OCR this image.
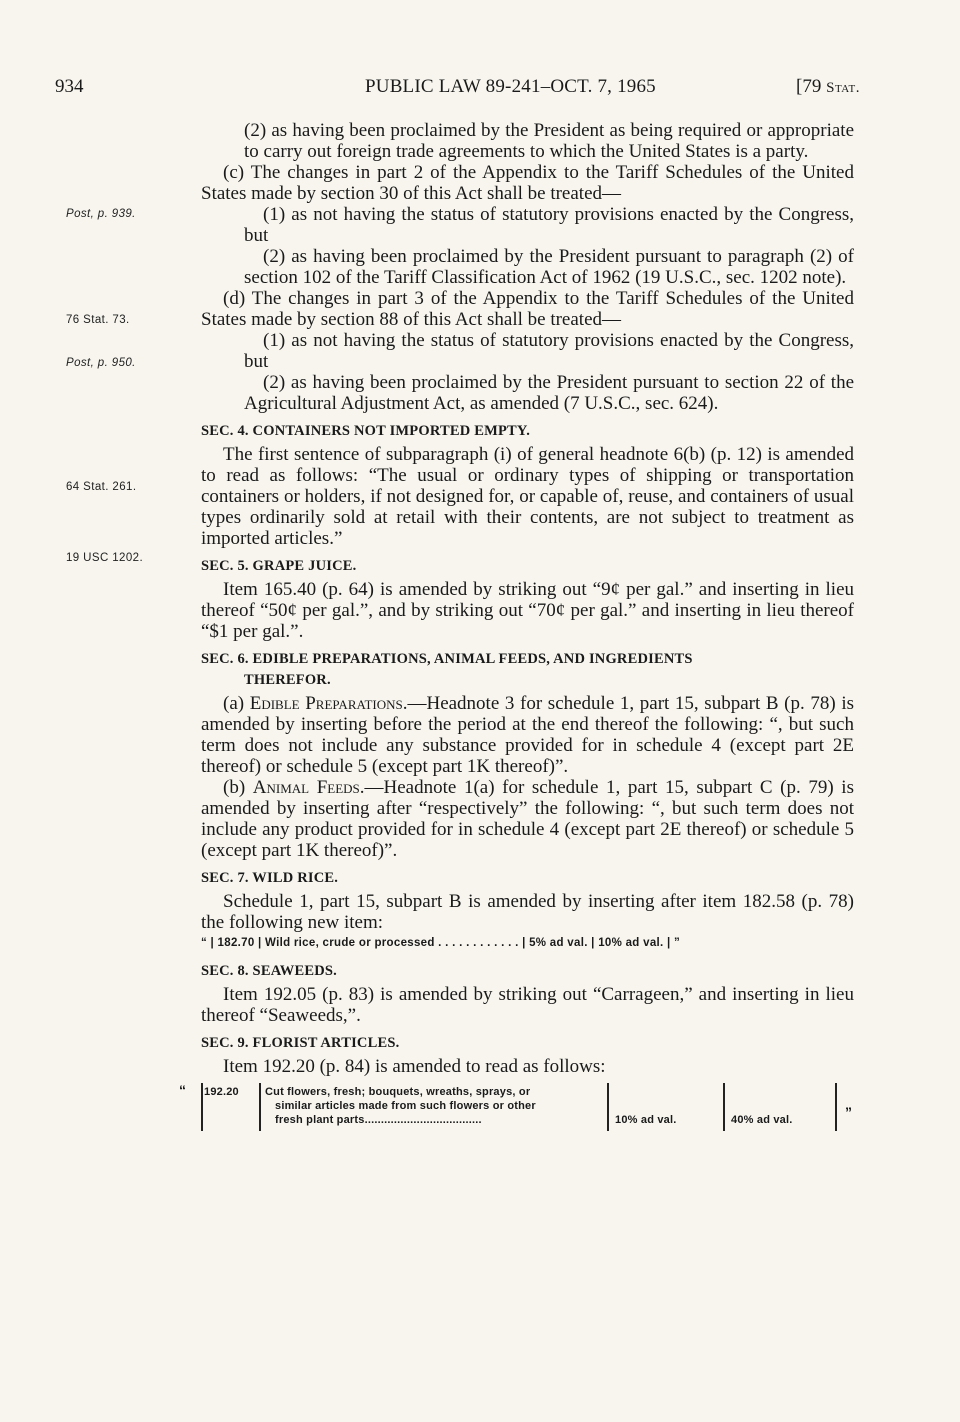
934	PUBLIC LAW 89-241–OCT. 7, 1965	[79 Stat.
Post, p. 939.
76 Stat. 73.
Post, p. 950.
64 Stat. 261.
19 USC 1202.

(2) as having been proclaimed by the President as being required or appropriate to carry out foreign trade agreements to which the United States is a party.

(c) The changes in part 2 of the Appendix to the Tariff Schedules of the United States made by section 30 of this Act shall be treated—

(1) as not having the status of statutory provisions enacted by the Congress, but

(2) as having been proclaimed by the President pursuant to paragraph (2) of section 102 of the Tariff Classification Act of 1962 (19 U.S.C., sec. 1202 note).

(d) The changes in part 3 of the Appendix to the Tariff Schedules of the United States made by section 88 of this Act shall be treated—

(1) as not having the status of statutory provisions enacted by the Congress, but

(2) as having been proclaimed by the President pursuant to section 22 of the Agricultural Adjustment Act, as amended (7 U.S.C., sec. 624).

SEC. 4. CONTAINERS NOT IMPORTED EMPTY.

The first sentence of subparagraph (i) of general headnote 6(b) (p. 12) is amended to read as follows: “The usual or ordinary types of shipping or transportation containers or holders, if not designed for, or capable of, reuse, and containers of usual types ordinarily sold at retail with their contents, are not subject to treatment as imported articles.”

SEC. 5. GRAPE JUICE.

Item 165.40 (p. 64) is amended by striking out “9¢ per gal.” and inserting in lieu thereof “50¢ per gal.”, and by striking out “70¢ per gal.” and inserting in lieu thereof “$1 per gal.”.

SEC. 6. EDIBLE PREPARATIONS, ANIMAL FEEDS, AND INGREDIENTS
THEREFOR.

(a) Edible Preparations.—Headnote 3 for schedule 1, part 15, subpart B (p. 78) is amended by inserting before the period at the end thereof the following: “, but such term does not include any substance provided for in schedule 4 (except part 2E thereof) or schedule 5 (except part 1K thereof)”.

(b) Animal Feeds.—Headnote 1(a) for schedule 1, part 15, subpart C (p. 79) is amended by inserting after “respectively” the following: “, but such term does not include any product provided for in schedule 4 (except part 2E thereof) or schedule 5 (except part 1K thereof)”.

SEC. 7. WILD RICE.

Schedule 1, part 15, subpart B is amended by inserting after item 182.58 (p. 78) the following new item:

“ | 182.70 | Wild rice, crude or processed . . . . . . . . . . . . | 5% ad val. | 10% ad val. | ”

SEC. 8. SEAWEEDS.

Item 192.05 (p. 83) is amended by striking out “Carrageen,” and inserting in lieu thereof “Seaweeds,”.

SEC. 9. FLORIST ARTICLES.

Item 192.20 (p. 84) is amended to read as follows:

“ 192.20 Cut flowers, fresh; bouquets, wreaths, sprays, or
similar articles made from such flowers or other
fresh plant parts....................................	10% ad val.	40% ad val.	”
